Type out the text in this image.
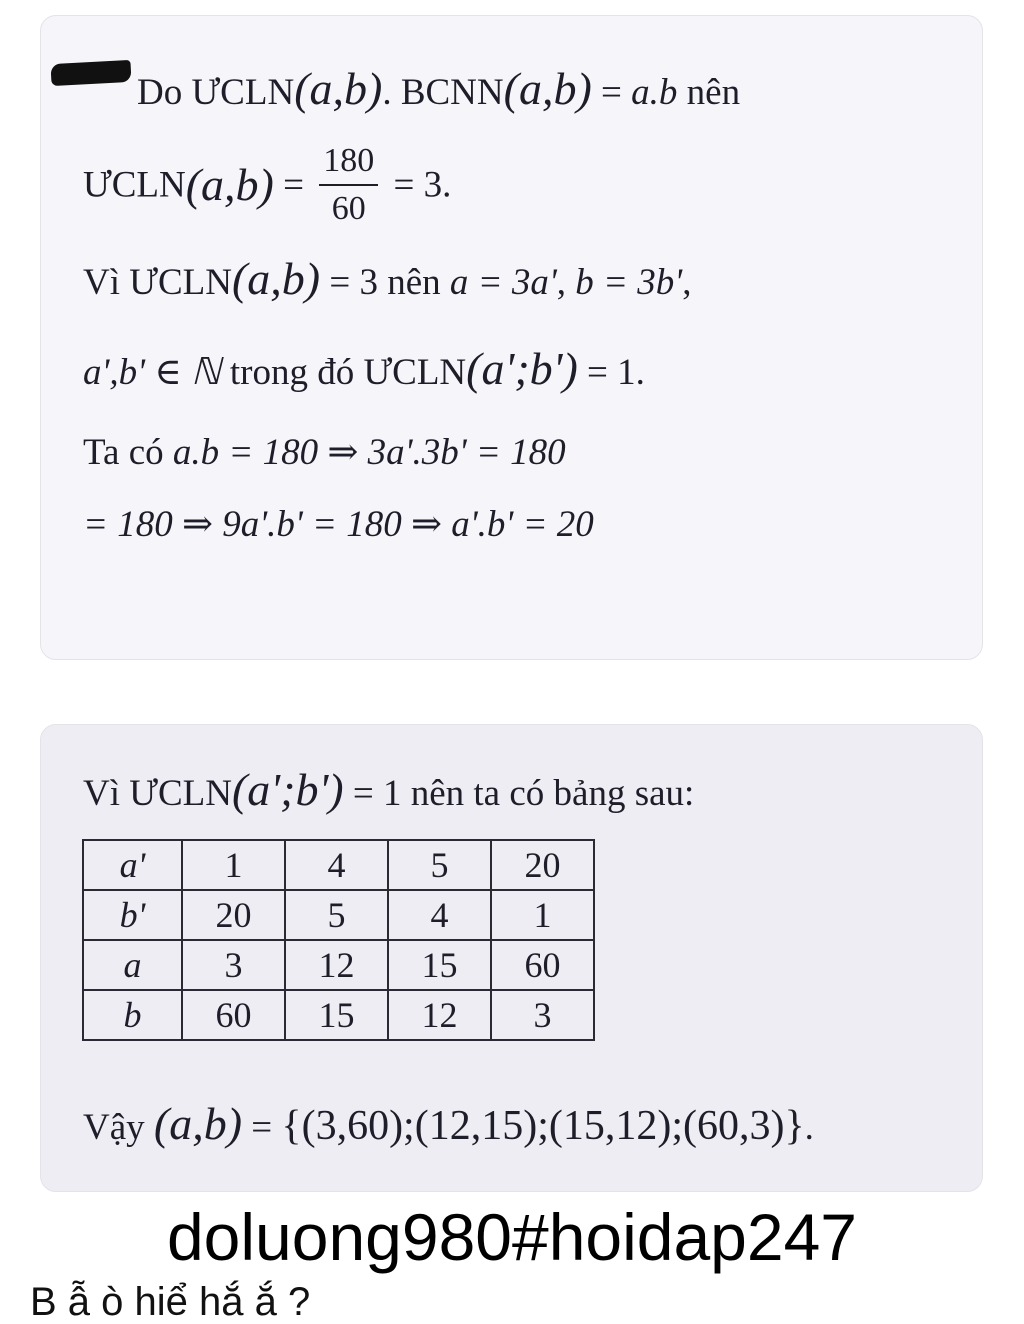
Do ƯCLN(a,b). BCNN(a,b) = a.b nên
ƯCLN(a,b) = $\frac{180}{60} = 3$.
Vì ƯCLN(a,b) = 3 nên a = 3a', b = 3b',
a',b' ∈ ℕ trong đó ƯCLN(a';b') = 1.
Ta có a.b = 180 ⇒ 3a'.3b' = 180
= 180 ⇒ 9a'.b' = 180 ⇒ a'.b' = 20
Vì ƯCLN(a';b') = 1 nên ta có bảng sau:
a'	1	4	5	20
b'	20	5	4	1
a	3	12	15	60
b	60	15	12	3
Vậy (a,b) = {(3,60);(12,15);(15,12);(60,3)}.
doluong980#hoidap247
B ẫ ò hiể hắ ắ ?
